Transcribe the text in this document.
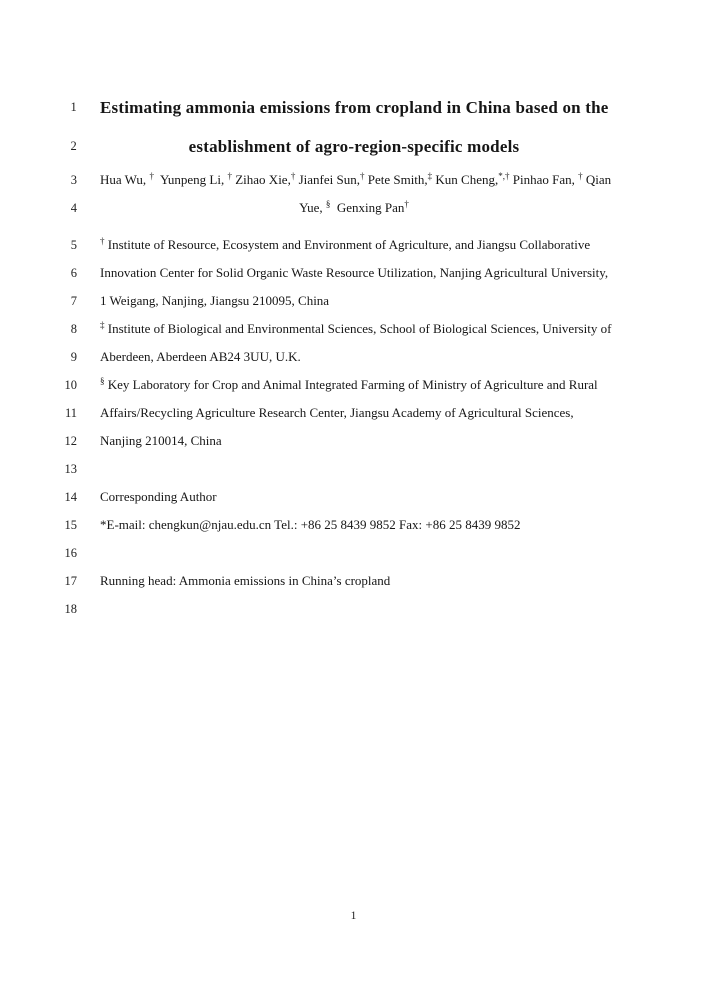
1 Estimating ammonia emissions from cropland in China based on the
2	establishment of agro-region-specific models
3 Hua Wu, †  Yunpeng Li, † Zihao Xie,† Jianfei Sun,† Pete Smith,‡ Kun Cheng,*,† Pinhao Fan, † Qian
4	Yue, §  Genxing Pan†
5	† Institute of Resource, Ecosystem and Environment of Agriculture, and Jiangsu Collaborative
6 Innovation Center for Solid Organic Waste Resource Utilization, Nanjing Agricultural University,
7 1 Weigang, Nanjing, Jiangsu 210095, China
8	‡ Institute of Biological and Environmental Sciences, School of Biological Sciences, University of
9 Aberdeen, Aberdeen AB24 3UU, U.K.
10	§ Key Laboratory for Crop and Animal Integrated Farming of Ministry of Agriculture and Rural
11 Affairs/Recycling Agriculture Research Center, Jiangsu Academy of Agricultural Sciences,
12 Nanjing 210014, China
13
14 Corresponding Author
15 *E-mail: chengkun@njau.edu.cn Tel.: +86 25 8439 9852 Fax: +86 25 8439 9852
16
17 Running head: Ammonia emissions in China’s cropland
18
1
